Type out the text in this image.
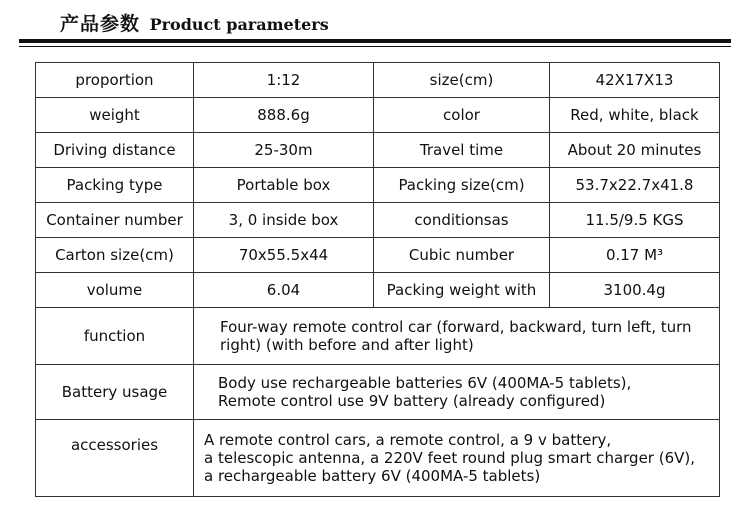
产品参数 Product parameters
proportion	1:12	size(cm)	42X17X13
weight	888.6g	color	Red, white, black
Driving distance	25-30m	Travel time	About 20 minutes
Packing type	Portable box	Packing size(cm)	53.7x22.7x41.8
Container number	3, 0 inside box	conditionsas	11.5/9.5 KGS
Carton size(cm)	70x55.5x44	Cubic number	0.17 M³
volume	6.04	Packing weight with	3100.4g
function	Four-way remote control car (forward, backward, turn left, turn
right) (with before and after light)		

Battery usage	Body use rechargeable batteries 6V (400MA-5 tablets),
Remote control use 9V battery (already configured)		

accessories	A remote control cars, a remote control, a 9 v battery,
a telescopic antenna, a 220V feet round plug smart charger (6V),
a rechargeable battery 6V (400MA-5 tablets)		
